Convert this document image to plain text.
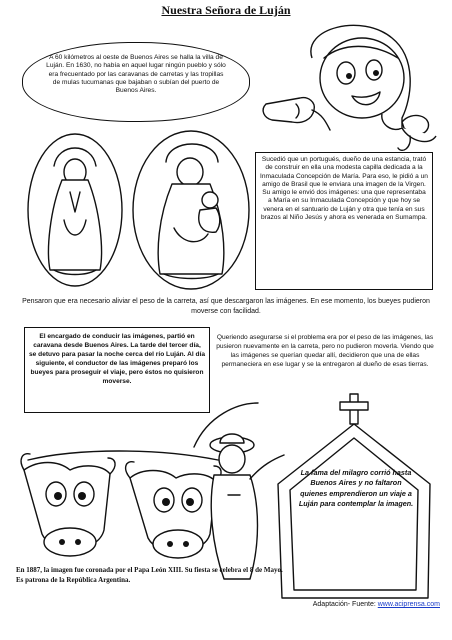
Nuestra Señora de Luján
A 60 kilómetros al oeste de Buenos Aires se halla la villa de Luján. En 1630, no había en aquel lugar ningún pueblo y sólo era frecuentado por las caravanas de carretas y las tropillas de mulas tucumanas que bajaban o subían del puerto de Buenos Aires.
Sucedió que un portugués, dueño de una estancia, trató de construir en ella una modesta capilla dedicada a la Inmaculada Concepción de María. Para eso, le pidió a un amigo de Brasil que le enviara una imagen de la Virgen. Su amigo le envió dos imágenes: una que representaba a María en su Inmaculada Concepción y que hoy se venera en el santuario de Luján y otra que tenía en sus brazos al Niño Jesús y ahora es venerada en Sumampa.
Pensaron que era necesario aliviar el peso de la carreta, así que descargaron las imágenes. En ese momento, los bueyes pudieron moverse con facilidad.
El encargado de conducir las imágenes, partió en caravana desde Buenos Aires. La tarde del tercer día, se detuvo para pasar la noche cerca del río Luján. Al día siguiente, el conductor de las imágenes preparó los bueyes para proseguir el viaje, pero éstos no quisieron moverse.
Queriendo asegurarse si el problema era por el peso de las imágenes, las pusieron nuevamente en la carreta, pero no pudieron moverla. Viendo que las imágenes se querían quedar allí, decidieron que una de ellas permaneciera en ese lugar y se la entregaron al dueño de esas tierras.
La fama del milagro corrió hasta Buenos Aires y no faltaron quienes emprendieron un viaje a Luján para contemplar la imagen.
En 1887, la imagen fue coronada por el Papa León XIII. Su fiesta se celebra el 8 de Mayo. Es patrona de la República Argentina.
Adaptación- Fuente: www.aciprensa.com
